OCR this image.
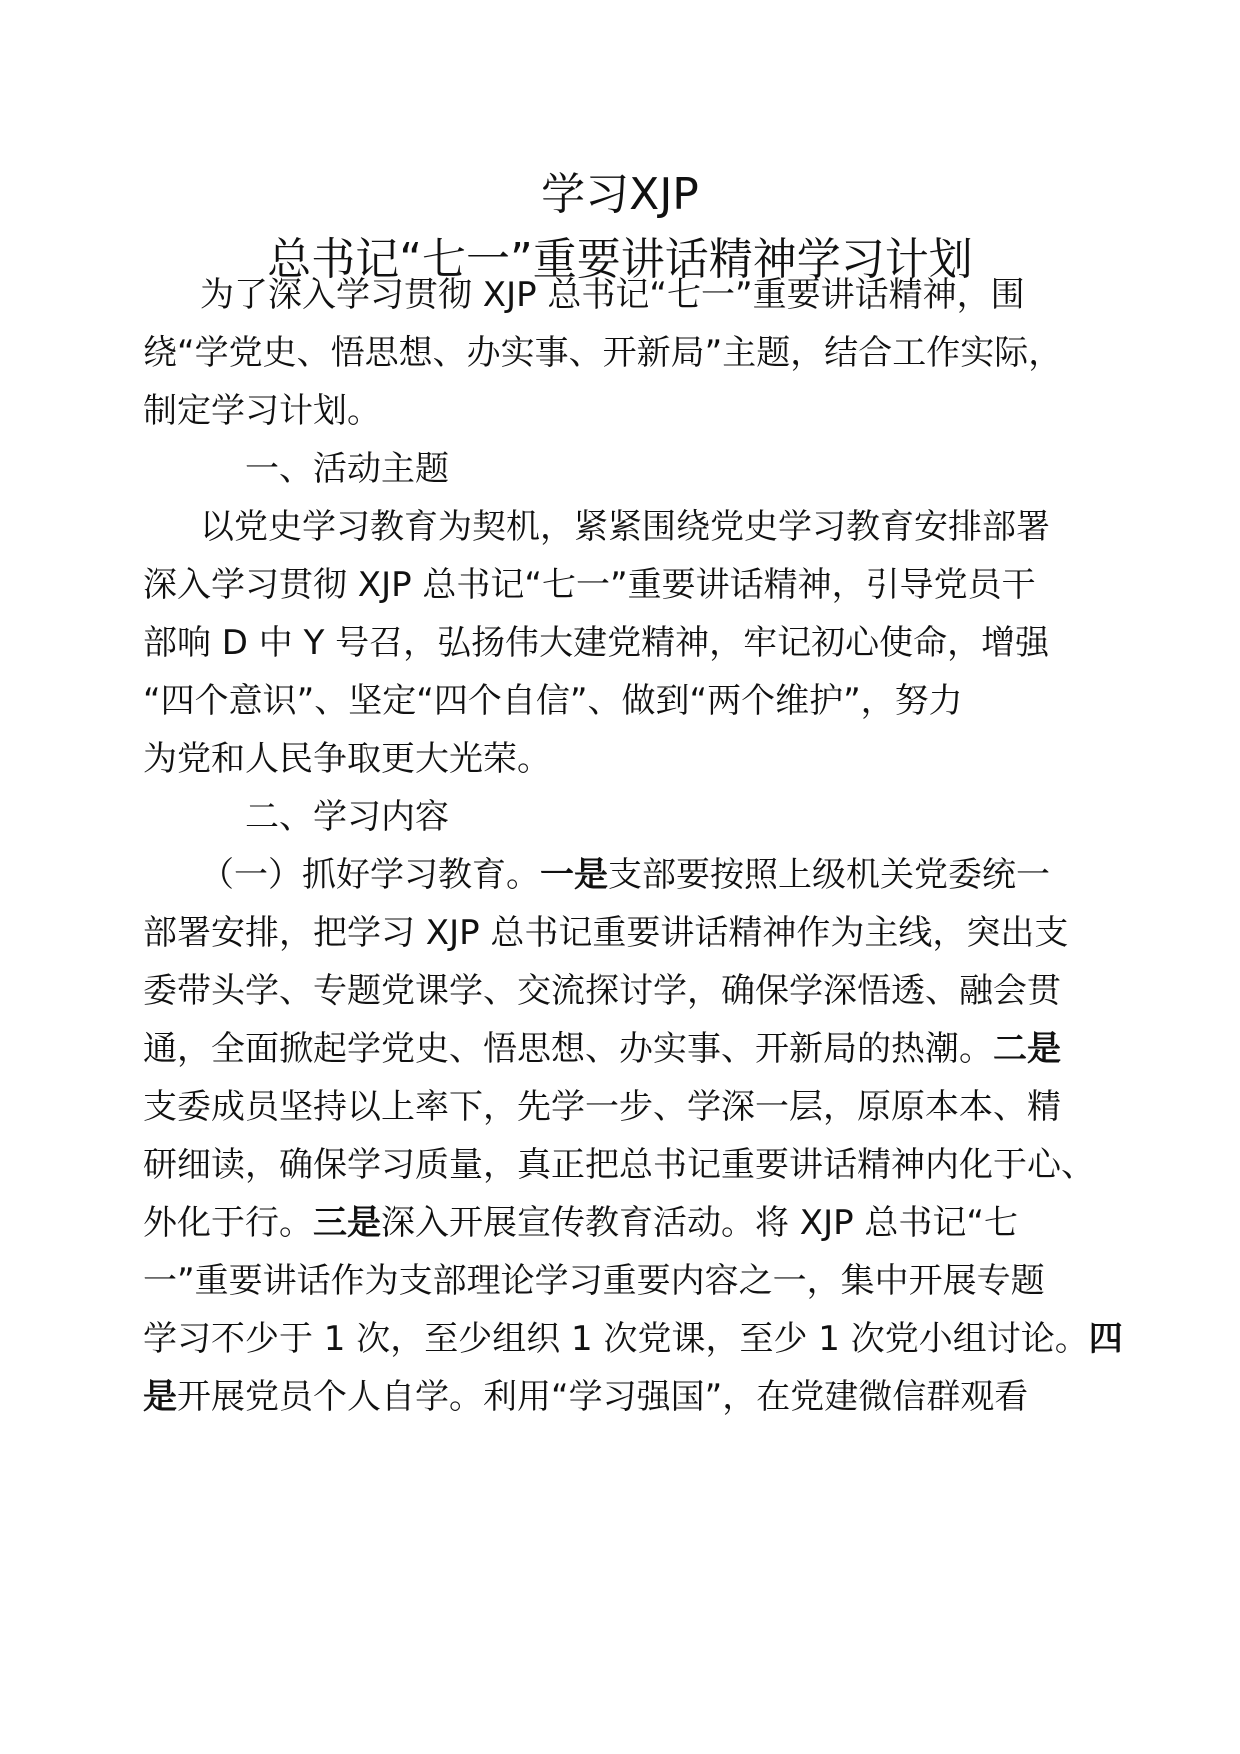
学习XJP
总书记“七一”重要讲话精神学习计划
为了深入学习贯彻 XJP 总书记“七一”重要讲话精神，围
绕“学党史、悟思想、办实事、开新局”主题，结合工作实际，
制定学习计划。
一、活动主题
以党史学习教育为契机，紧紧围绕党史学习教育安排部署
深入学习贯彻 XJP 总书记“七一”重要讲话精神，引导党员干
部响 D 中 Y 号召，弘扬伟大建党精神，牢记初心使命，增强
“四个意识”、坚定“四个自信”、做到“两个维护”，努力
为党和人民争取更大光荣。
二、学习内容
（一）抓好学习教育。一是支部要按照上级机关党委统一
部署安排，把学习 XJP 总书记重要讲话精神作为主线，突出支
委带头学、专题党课学、交流探讨学，确保学深悟透、融会贯
通，全面掀起学党史、悟思想、办实事、开新局的热潮。二是
支委成员坚持以上率下，先学一步、学深一层，原原本本、精
研细读，确保学习质量，真正把总书记重要讲话精神内化于心、
外化于行。三是深入开展宣传教育活动。将 XJP 总书记“七
一”重要讲话作为支部理论学习重要内容之一，集中开展专题
学习不少于 1 次，至少组织 1 次党课，至少 1 次党小组讨论。四
是开展党员个人自学。利用“学习强国”，在党建微信群观看
